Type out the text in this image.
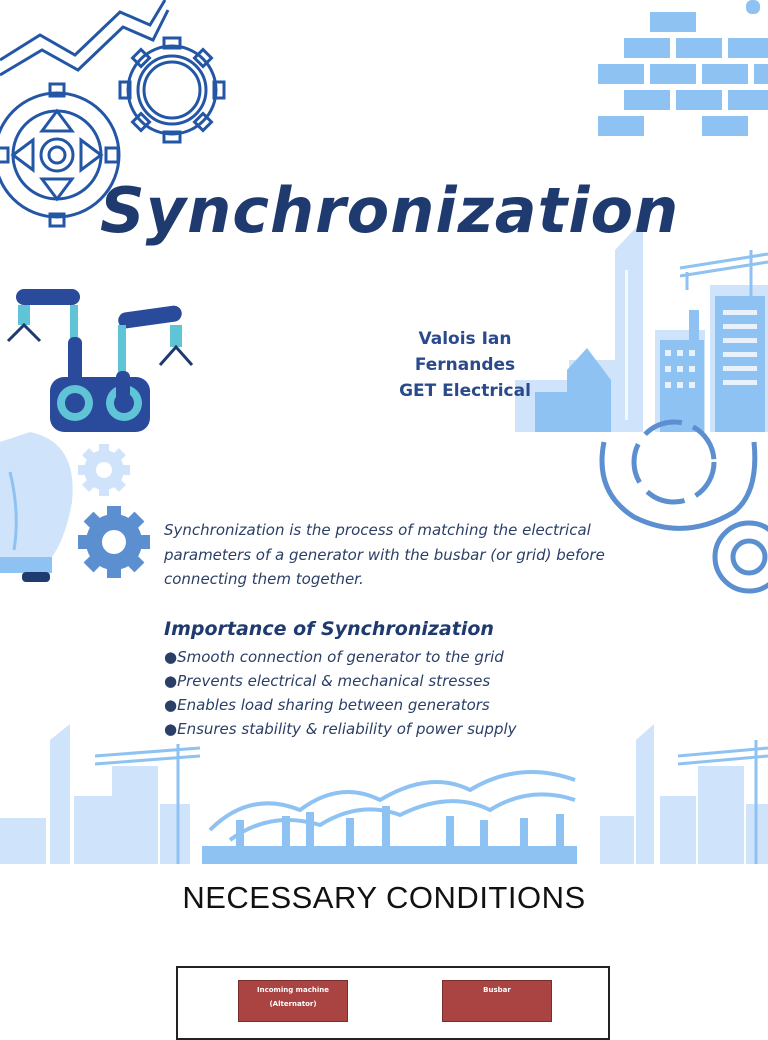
Synchronization
Valois Ian
Fernandes
GET Electrical
Synchronization is the process of matching the electrical parameters of a generator with the busbar (or grid) before connecting them together.
Importance of Synchronization
●Smooth connection of generator to the grid
●Prevents electrical & mechanical stresses
●Enables load sharing between generators
●Ensures stability & reliability of power supply
NECESSARY CONDITIONS
Incoming machine
(Alternator)
Busbar
